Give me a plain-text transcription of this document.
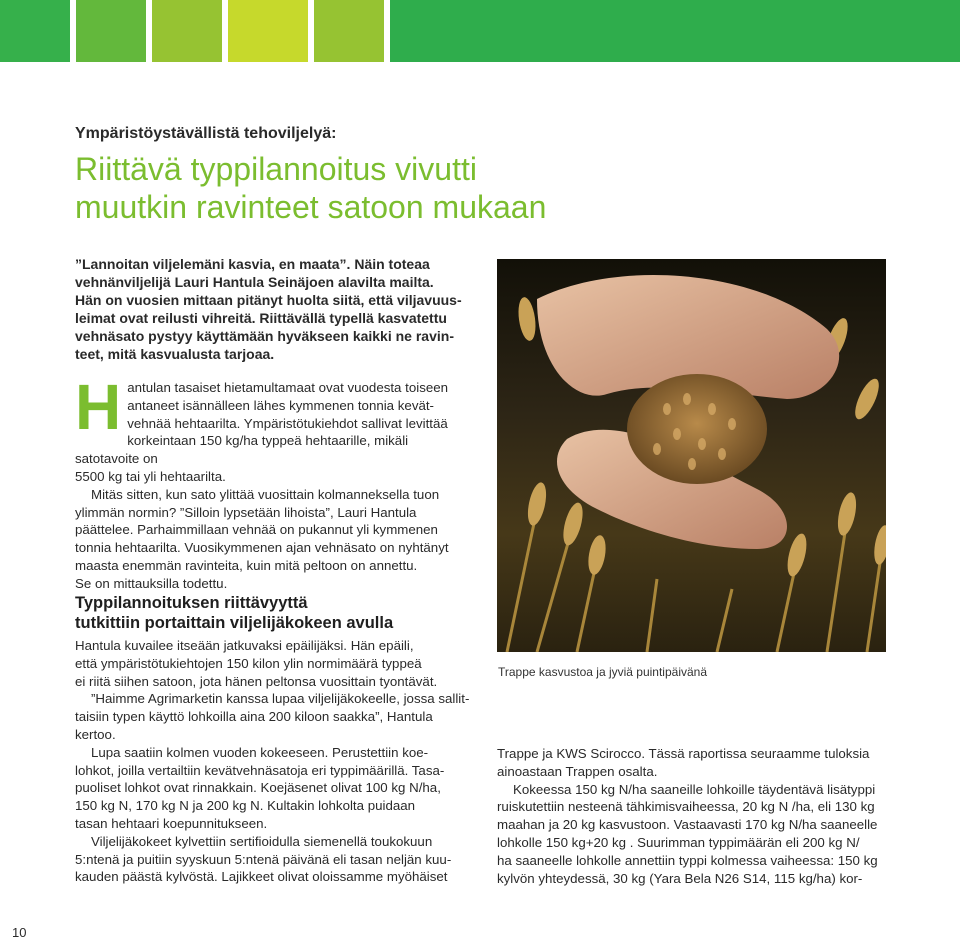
Ympäristöystävällistä tehoviljelyä:
Riittävä typpilannoitus vivutti
muutkin ravinteet satoon mukaan

”Lannoitan viljelemäni kasvia, en maata”. Näin toteaa

vehnänviljelijä Lauri Hantula Seinäjoen alavilta mailta.

Hän on vuosien mittaan pitänyt huolta siitä, että viljavuus-

leimat ovat reilusti vihreitä. Riittävällä typellä kasvatettu

vehnäsato pystyy käyttämään hyväkseen kaikki ne ravin-

teet, mitä kasvualusta tarjoaa.

H antulan tasaiset hietamultamaat ovat vuodesta toiseen

antaneet isännälleen lähes kymmenen tonnia kevät-

vehnää hehtaarilta. Ympäristötukiehdot sallivat levittää

korkeintaan 150 kg/ha typpeä hehtaarille, mikäli satotavoite on

5500 kg tai yli hehtaarilta.

Mitäs sitten, kun sato ylittää vuosittain kolmanneksella tuon

ylimmän normin? ”Silloin lypsetään lihoista”, Lauri Hantula

päättelee. Parhaimmillaan vehnää on pukannut yli kymmenen

tonnia hehtaarilta. Vuosikymmenen ajan vehnäsato on nyhtänyt

maasta enemmän ravinteita, kuin mitä peltoon on annettu.

Se on mittauksilla todettu.

Typpilannoituksen riittävyyttä
tutkittiin portaittain viljelijäkokeen avulla

Hantula kuvailee itseään jatkuvaksi epäilijäksi. Hän epäili,

että ympäristötukiehtojen 150 kilon ylin normimäärä typpeä

ei riitä siihen satoon, jota hänen peltonsa vuosittain tyontävät.

”Haimme Agrimarketin kanssa lupaa viljelijäkokeelle, jossa sallit-

taisiin typen käyttö lohkoilla aina 200 kiloon saakka”, Hantula

kertoo.

Lupa saatiin kolmen vuoden kokeeseen. Perustettiin koe-

lohkot, joilla vertailtiin kevätvehnäsatoja eri typpimäärillä. Tasa-

puoliset lohkot ovat rinnakkain. Koejäsenet olivat 100 kg N/ha,

150 kg N, 170 kg N ja 200 kg N. Kultakin lohkolta puidaan

tasan hehtaari koepunnitukseen.

Viljelijäkokeet kylvettiin sertifioidulla siemenellä toukokuun

5:ntenä ja puitiin syyskuun 5:ntenä päivänä eli tasan neljän kuu-

kauden päästä kylvöstä. Lajikkeet olivat oloissamme myöhäiset

Trappe kasvustoa ja jyviä puintipäivänä

Trappe ja KWS Scirocco. Tässä raportissa seuraamme tuloksia

ainoastaan Trappen osalta.

Kokeessa 150 kg N/ha saaneille lohkoille täydentävä lisätyppi

ruiskutettiin nesteenä tähkimisvaiheessa, 20 kg N /ha, eli 130 kg

maahan ja 20 kg kasvustoon. Vastaavasti 170 kg N/ha saaneelle

lohkolle 150 kg+20 kg . Suurimman typpimäärän eli 200 kg N/

ha saaneelle lohkolle annettiin typpi kolmessa vaiheessa: 150 kg

kylvön yhteydessä, 30 kg (Yara Bela N26 S14, 115 kg/ha) kor-

10
